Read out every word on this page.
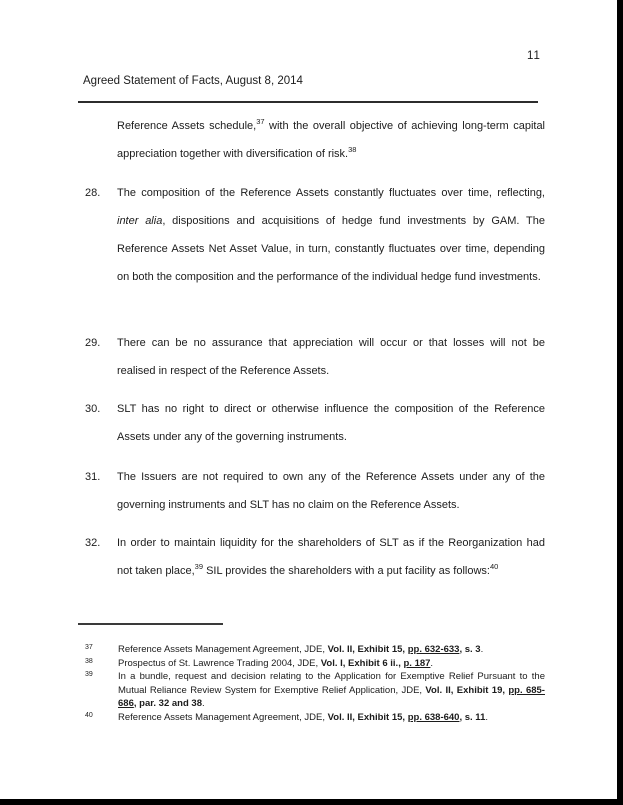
11
Agreed Statement of Facts, August 8, 2014
Reference Assets schedule,$^{37}$ with the overall objective of achieving long-term capital appreciation together with diversification of risk.$^{38}$
28. The composition of the Reference Assets constantly fluctuates over time, reflecting, inter alia, dispositions and acquisitions of hedge fund investments by GAM. The Reference Assets Net Asset Value, in turn, constantly fluctuates over time, depending on both the composition and the performance of the individual hedge fund investments.
29. There can be no assurance that appreciation will occur or that losses will not be realised in respect of the Reference Assets.
30. SLT has no right to direct or otherwise influence the composition of the Reference Assets under any of the governing instruments.
31. The Issuers are not required to own any of the Reference Assets under any of the governing instruments and SLT has no claim on the Reference Assets.
32. In order to maintain liquidity for the shareholders of SLT as if the Reorganization had not taken place,$^{39}$ SIL provides the shareholders with a put facility as follows:$^{40}$
37	Reference Assets Management Agreement, JDE, Vol. II, Exhibit 15, pp. 632-633, s. 3.
38	Prospectus of St. Lawrence Trading 2004, JDE, Vol. I, Exhibit 6 ii., p. 187.
39	In a bundle, request and decision relating to the Application for Exemptive Relief Pursuant to the Mutual Reliance Review System for Exemptive Relief Application, JDE, Vol. II, Exhibit 19, pp. 685-686, par. 32 and 38.
40	Reference Assets Management Agreement, JDE, Vol. II, Exhibit 15, pp. 638-640, s. 11.
